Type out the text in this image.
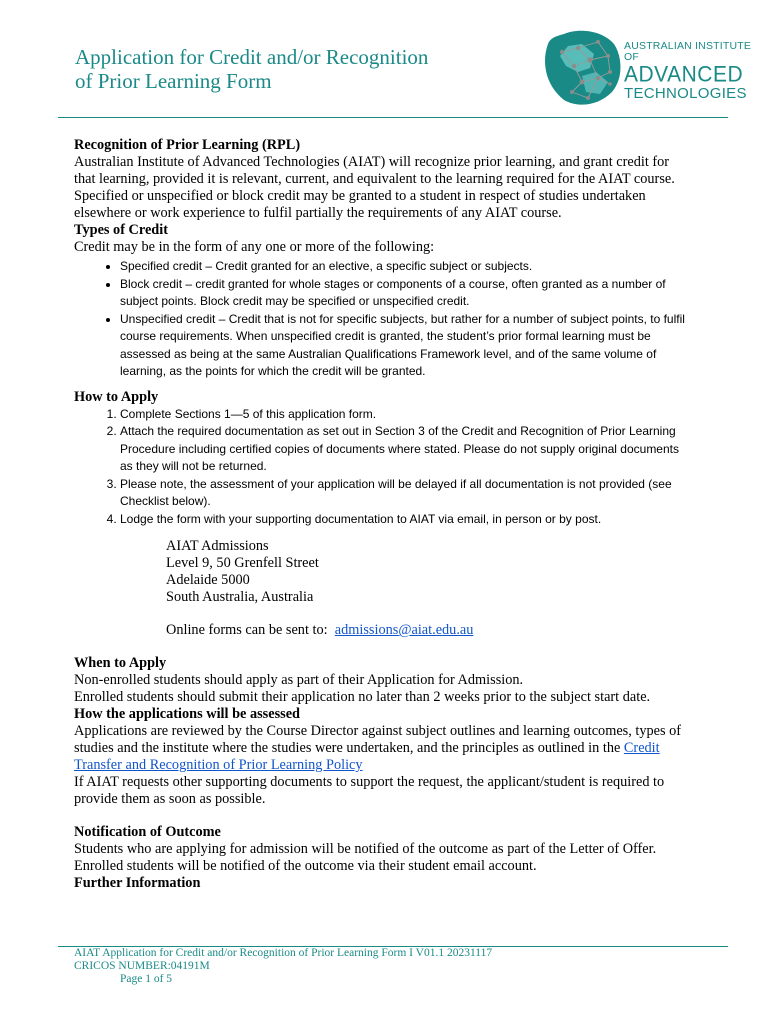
Application for Credit and/or Recognition
of Prior Learning Form
AUSTRALIAN INSTITUTE OF
ADVANCED
TECHNOLOGIES

Recognition of Prior Learning (RPL)

Australian Institute of Advanced Technologies (AIAT) will recognize prior learning, and grant credit for that learning, provided it is relevant, current, and equivalent to the learning required for the AIAT course. Specified or unspecified or block credit may be granted to a student in respect of studies undertaken elsewhere or work experience to fulfil partially the requirements of any AIAT course.

Types of Credit

Credit may be in the form of any one or more of the following:

• Specified credit – Credit granted for an elective, a specific subject or subjects.
• Block credit – credit granted for whole stages or components of a course, often granted as a number of subject points. Block credit may be specified or unspecified credit.
• Unspecified credit – Credit that is not for specific subjects, but rather for a number of subject points, to fulfil course requirements. When unspecified credit is granted, the student’s prior formal learning must be assessed as being at the same Australian Qualifications Framework level, and of the same volume of learning, as the points for which the credit will be granted.

How to Apply

1. Complete Sections 1—5 of this application form.
2. Attach the required documentation as set out in Section 3 of the Credit and Recognition of Prior Learning Procedure including certified copies of documents where stated. Please do not supply original documents as they will not be returned.
3. Please note, the assessment of your application will be delayed if all documentation is not provided (see Checklist below).
4. Lodge the form with your supporting documentation to AIAT via email, in person or by post.

AIAT Admissions

Level 9, 50 Grenfell Street

Adelaide 5000

South Australia, Australia

Online forms can be sent to: admissions@aiat.edu.au

When to Apply

Non-enrolled students should apply as part of their Application for Admission.

Enrolled students should submit their application no later than 2 weeks prior to the subject start date.

How the applications will be assessed

Applications are reviewed by the Course Director against subject outlines and learning outcomes, types of studies and the institute where the studies were undertaken, and the principles as outlined in the Credit Transfer and Recognition of Prior Learning Policy

If AIAT requests other supporting documents to support the request, the applicant/student is required to provide them as soon as possible.

Notification of Outcome

Students who are applying for admission will be notified of the outcome as part of the Letter of Offer.

Enrolled students will be notified of the outcome via their student email account.

Further Information

AIAT Application for Credit and/or Recognition of Prior Learning Form I V01.1 20231117
CRICOS NUMBER:04191M
Page 1 of 5
